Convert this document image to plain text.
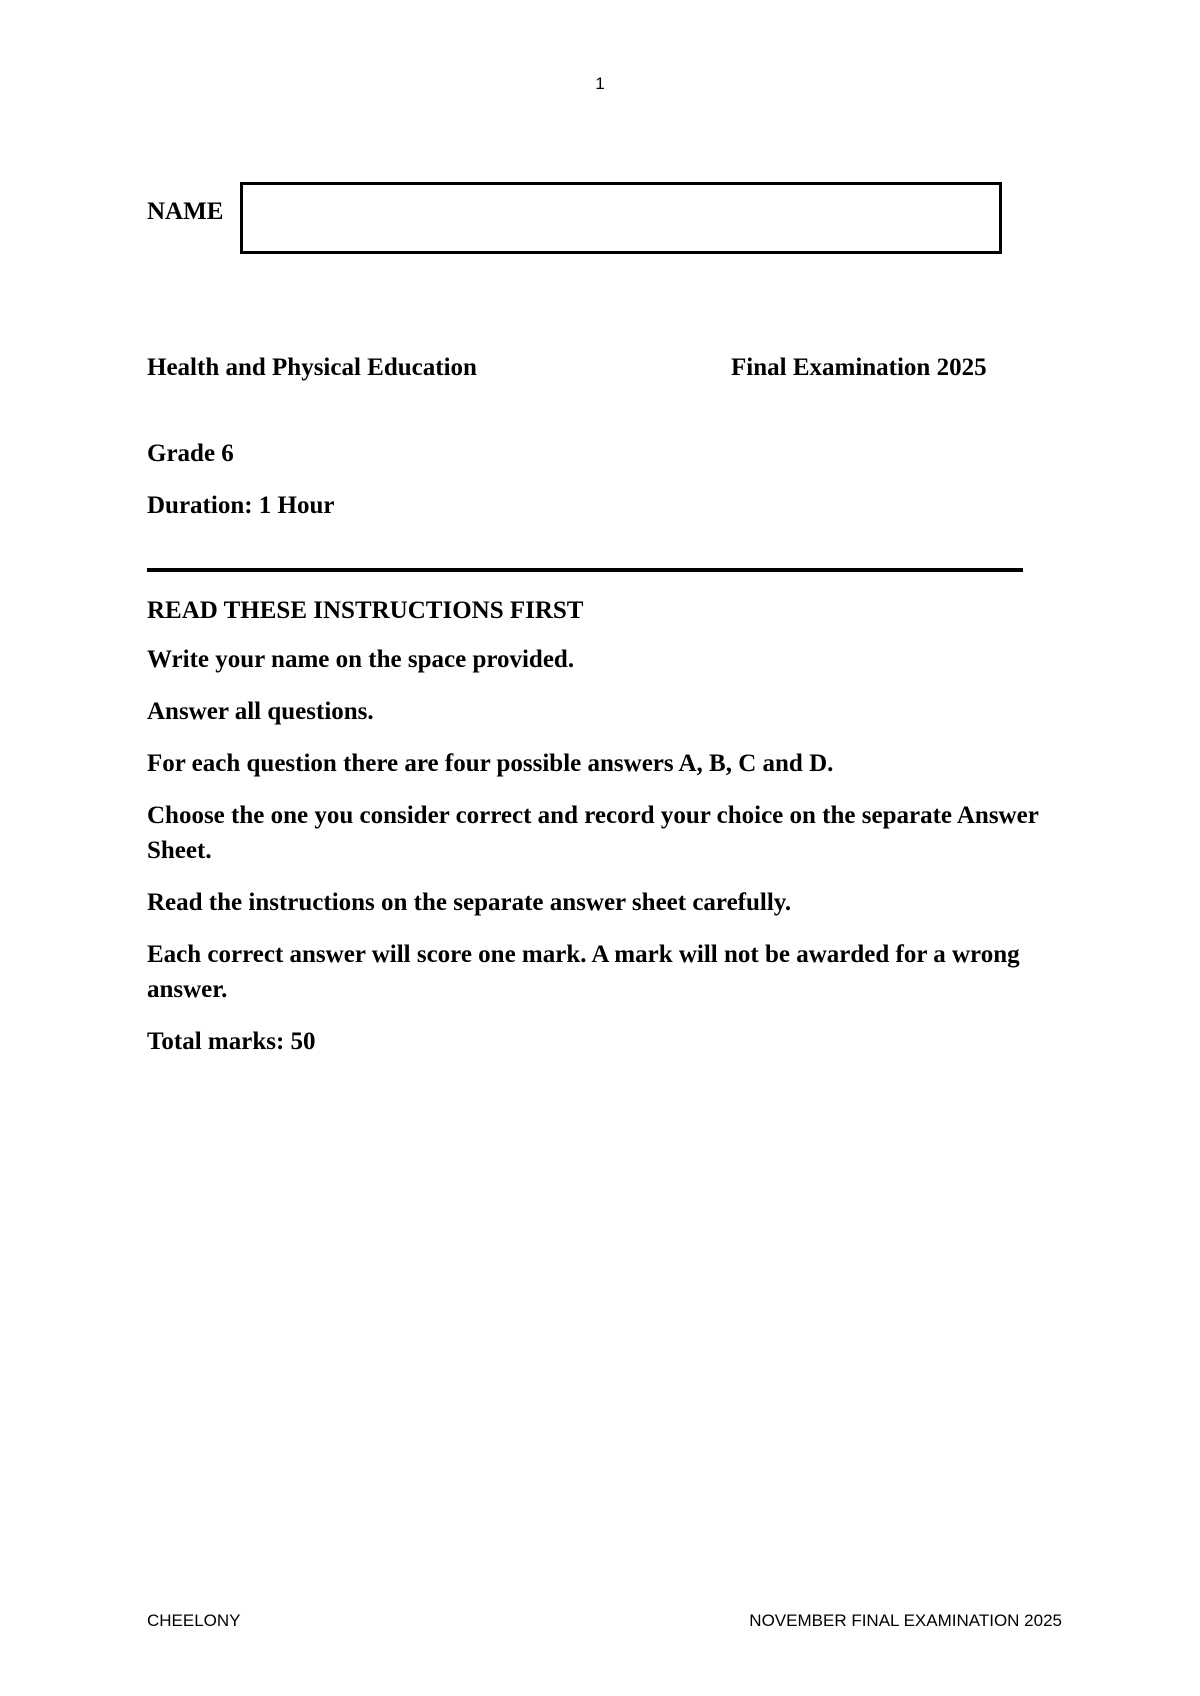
1
NAME
Health and Physical Education	Final Examination 2025
Grade 6
Duration: 1 Hour
READ THESE INSTRUCTIONS FIRST
Write your name on the space provided.
Answer all questions.
For each question there are four possible answers A, B, C and D.
Choose the one you consider correct and record your choice on the separate Answer Sheet.
Read the instructions on the separate answer sheet carefully.
Each correct answer will score one mark. A mark will not be awarded for a wrong answer.
Total marks: 50
CHEELONY	NOVEMBER FINAL EXAMINATION 2025
